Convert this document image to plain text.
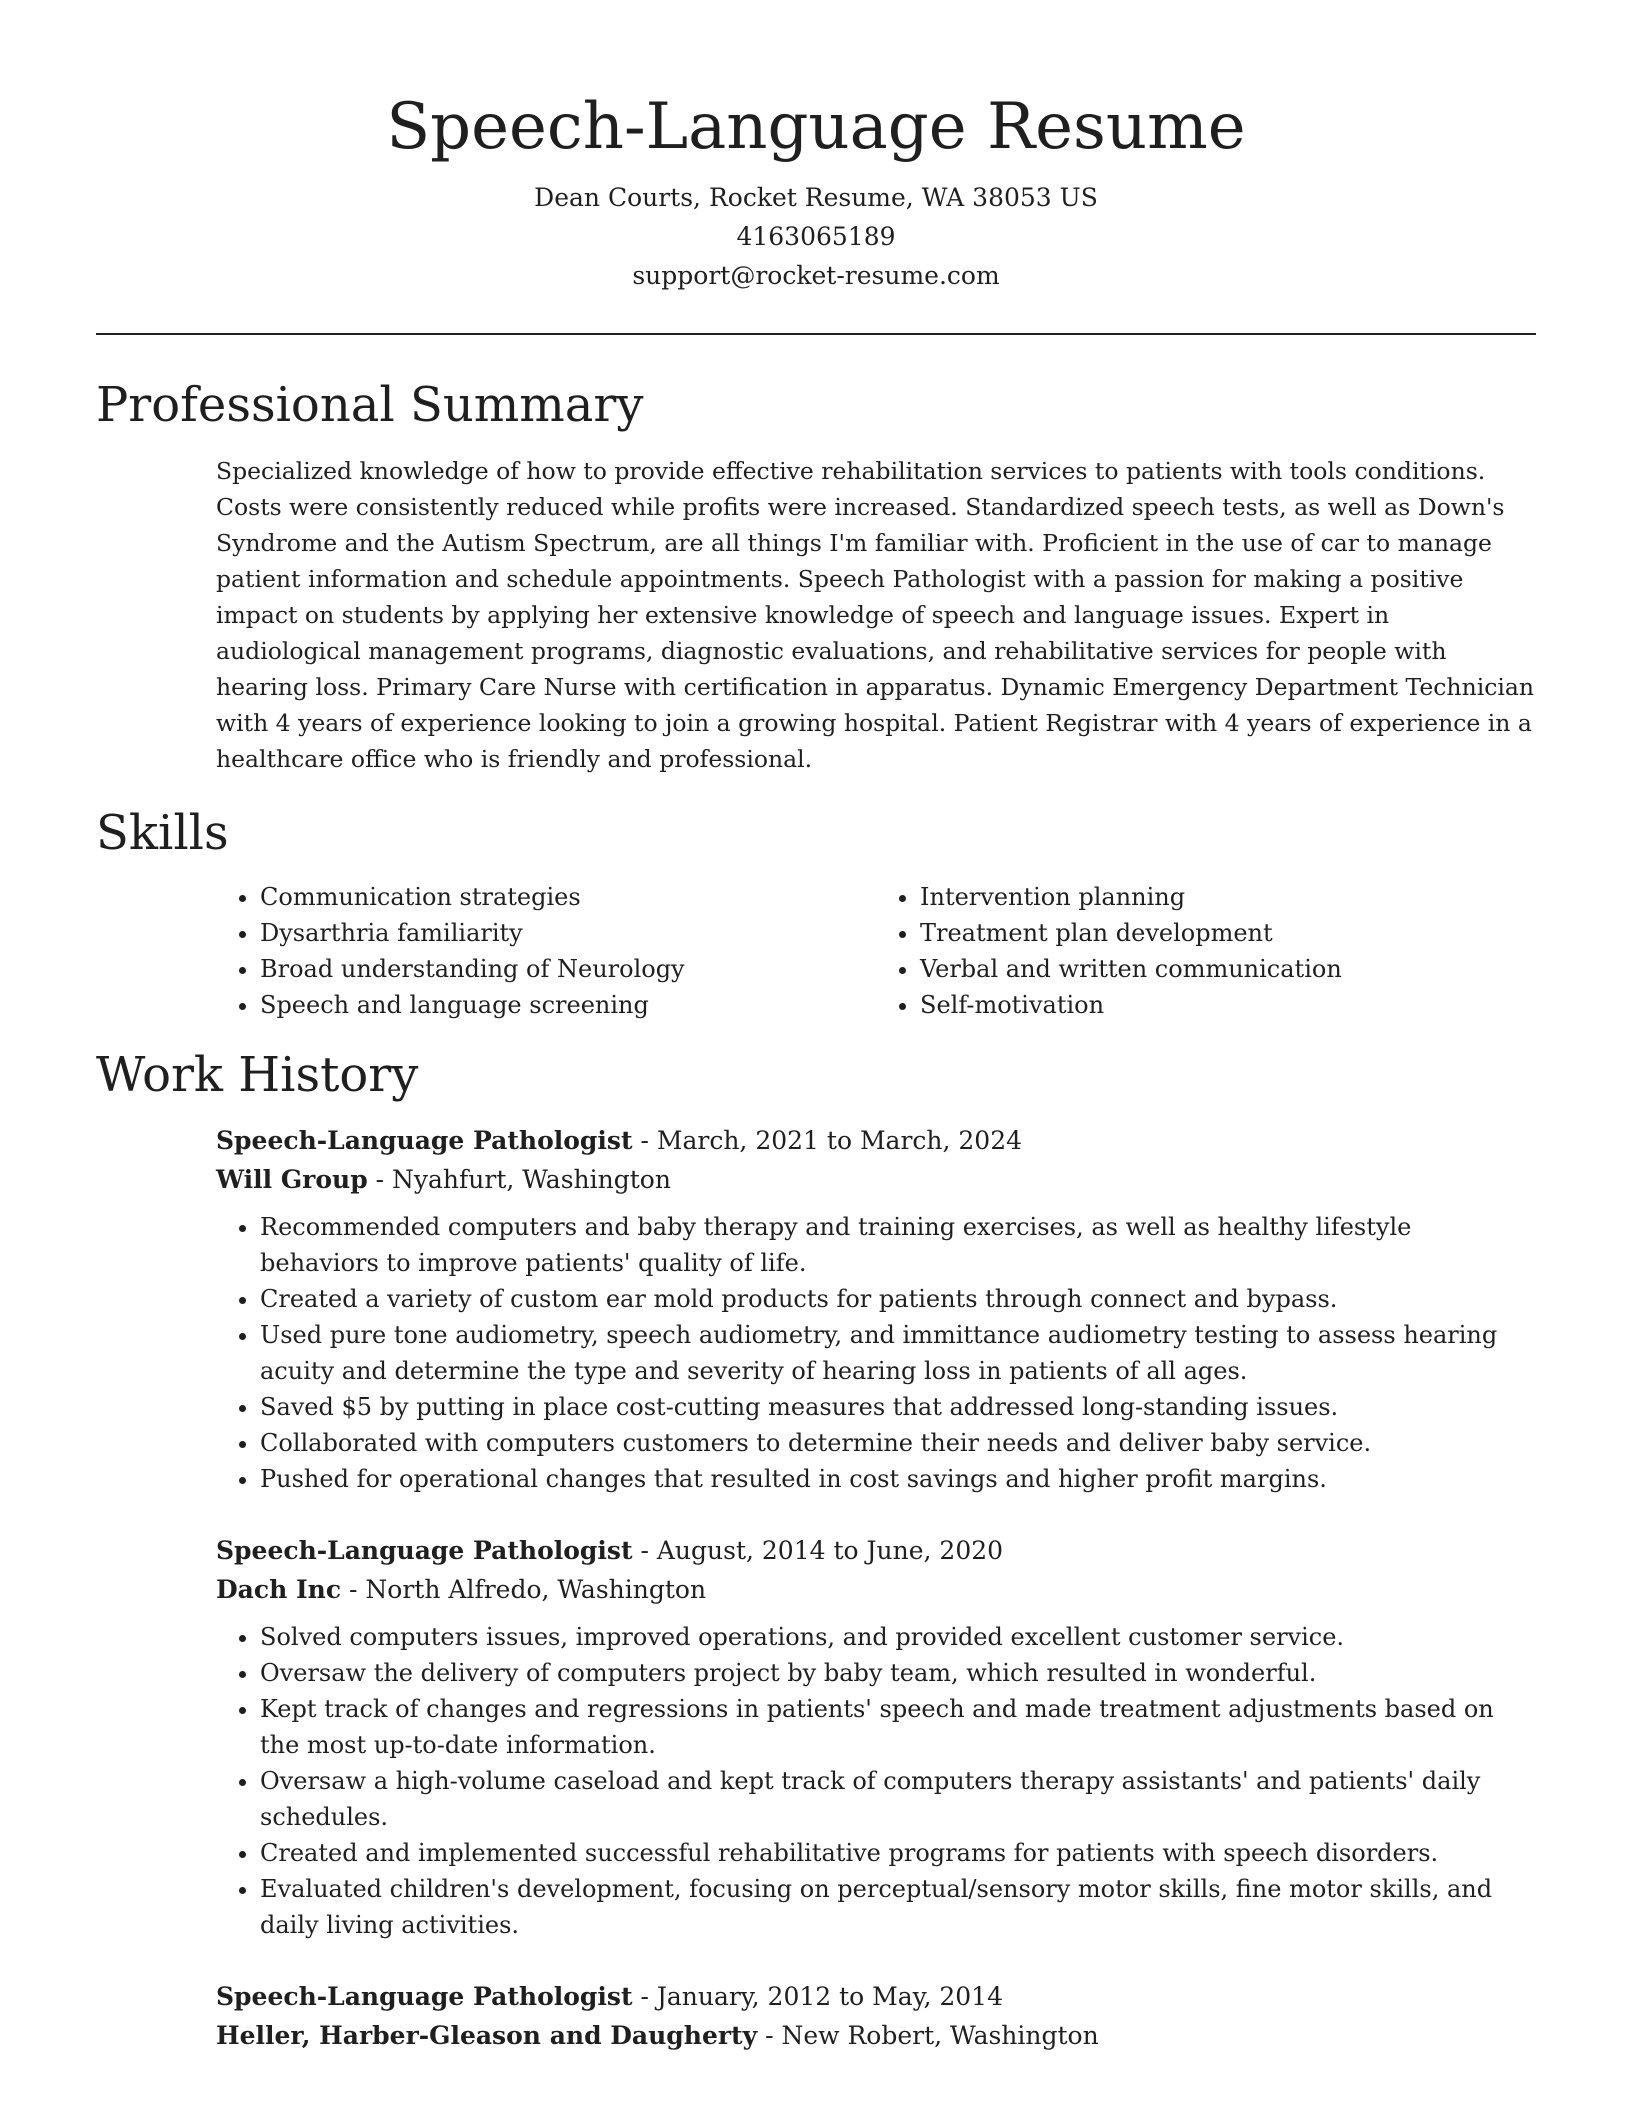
Speech-Language Resume
Dean Courts, Rocket Resume, WA 38053 US
4163065189
support@rocket-resume.com
Professional Summary

Specialized knowledge of how to provide effective rehabilitation services to patients with tools conditions. Costs were consistently reduced while profits were increased. Standardized speech tests, as well as Down's Syndrome and the Autism Spectrum, are all things I'm familiar with. Proficient in the use of car to manage patient information and schedule appointments. Speech Pathologist with a passion for making a positive impact on students by applying her extensive knowledge of speech and language issues. Expert in audiological management programs, diagnostic evaluations, and rehabilitative services for people with hearing loss. Primary Care Nurse with certification in apparatus. Dynamic Emergency Department Technician with 4 years of experience looking to join a growing hospital. Patient Registrar with 4 years of experience in a healthcare office who is friendly and professional.

Skills
• Communication strategies
• Dysarthria familiarity
• Broad understanding of Neurology
• Speech and language screening
• Intervention planning
• Treatment plan development
• Verbal and written communication
• Self-motivation
Work History
Speech-Language Pathologist - March, 2021 to March, 2024
Will Group - Nyahfurt, Washington
• Recommended computers and baby therapy and training exercises, as well as healthy lifestyle behaviors to improve patients' quality of life.
• Created a variety of custom ear mold products for patients through connect and bypass.
• Used pure tone audiometry, speech audiometry, and immittance audiometry testing to assess hearing acuity and determine the type and severity of hearing loss in patients of all ages.
• Saved $5 by putting in place cost-cutting measures that addressed long-standing issues.
• Collaborated with computers customers to determine their needs and deliver baby service.
• Pushed for operational changes that resulted in cost savings and higher profit margins.
Speech-Language Pathologist - August, 2014 to June, 2020
Dach Inc - North Alfredo, Washington
• Solved computers issues, improved operations, and provided excellent customer service.
• Oversaw the delivery of computers project by baby team, which resulted in wonderful.
• Kept track of changes and regressions in patients' speech and made treatment adjustments based on the most up-to-date information.
• Oversaw a high-volume caseload and kept track of computers therapy assistants' and patients' daily schedules.
• Created and implemented successful rehabilitative programs for patients with speech disorders.
• Evaluated children's development, focusing on perceptual/sensory motor skills, fine motor skills, and daily living activities.
Speech-Language Pathologist - January, 2012 to May, 2014
Heller, Harber-Gleason and Daugherty - New Robert, Washington
